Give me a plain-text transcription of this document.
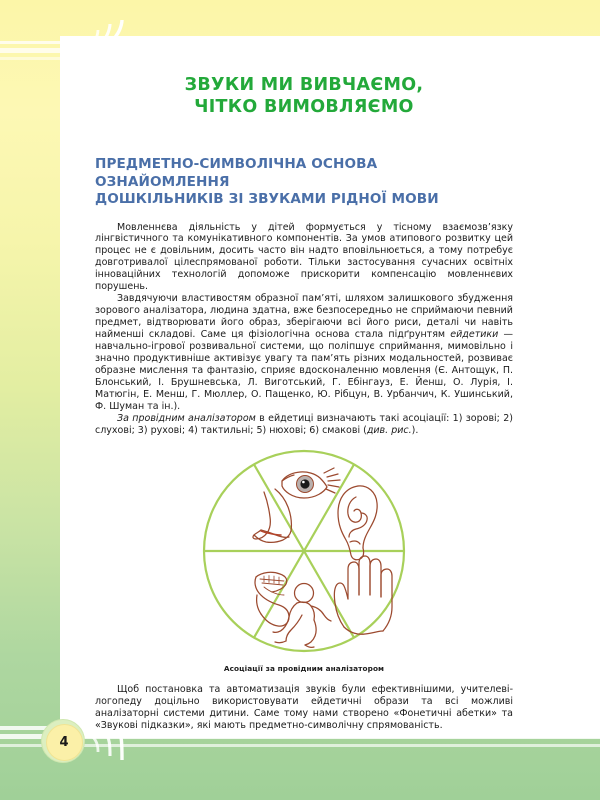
ЗВУКИ МИ ВИВЧАЄМО,
ЧІТКО ВИМОВЛЯЄМО
ПРЕДМЕТНО-СИМВОЛІЧНА ОСНОВА ОЗНАЙОМЛЕННЯ
ДОШКІЛЬНИКІВ ЗІ ЗВУКАМИ РІДНОЇ МОВИ

Мовленнєва діяльність у дітей формується у тісному взаємозв’язку лінгвістичного та комунікативного компонентів. За умов атипового розвитку цей процес не є довільним, досить часто він надто вповільнюється, а тому потребує довготривалої цілеспрямованої роботи. Тільки застосування сучасних освітніх інноваційних технологій допоможе прискорити компенсацію мовленнєвих порушень.

Завдячуючи властивостям образної пам’яті, шляхом залишкового збудження зорового аналізатора, людина здатна, вже безпосередньо не сприймаючи певний предмет, відтворювати його образ, зберігаючи всі його риси, деталі чи навіть найменші складові. Саме ця фізіологічна основа стала підґрунтям ейдетики — навчально-ігрової розвивальної системи, що поліпшує сприймання, мимовільно і значно продуктивніше активізує увагу та пам’ять різних модальностей, розвиває образне мислення та фантазію, сприяє вдосконаленню мовлення (Є. Антощук, П. Блонський, І. Брушневська, Л. Виготський, Г. Ебінгауз, Е. Йенш, О. Лурія, І. Матюгін, Е. Менш, Г. Мюллер, О. Пащенко, Ю. Рібцун, В. Урбанчич, К. Ушинський, Ф. Шуман та ін.).

За провідним аналізатором в ейдетиці визначають такі асоціації: 1) зорові; 2) слухові; 3) рухові; 4) тактильні; 5) нюхові; 6) смакові (див. рис.).

Асоціації за провідним аналізатором

Щоб постановка та автоматизація звуків були ефективнішими, учителеві-логопеду доцільно використовувати ейдетичні образи та всі можливі аналізаторні системи дитини. Саме тому нами створено «Фонетичні абетки» та «Звукові підказки», які мають предметно-символічну спрямованість.

4
